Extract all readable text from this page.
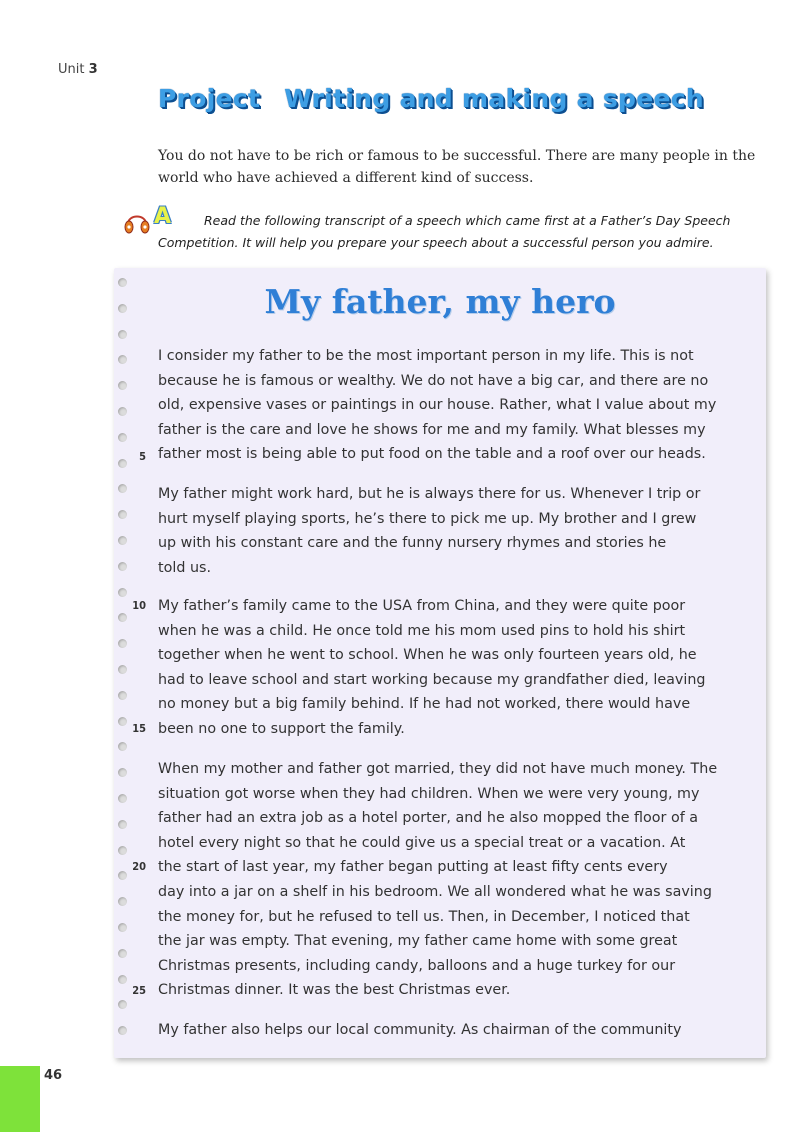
Unit 3
Project Writing and making a speech
You do not have to be rich or famous to be successful. There are many people in the
world who have achieved a different kind of success.
A	Read the following transcript of a speech which came first at a Father’s Day Speech Competition. It will help you prepare your speech about a successful person you admire.
My father, my hero
I consider my father to be the most important person in my life. This is not
because he is famous or wealthy. We do not have a big car, and there are no
old, expensive vases or paintings in our house. Rather, what I value about my
father is the care and love he shows for me and my family. What blesses my
father most is being able to put food on the table and a roof over our heads.
My father might work hard, but he is always there for us. Whenever I trip or
hurt myself playing sports, he’s there to pick me up. My brother and I grew
up with his constant care and the funny nursery rhymes and stories he
told us.
My father’s family came to the USA from China, and they were quite poor
when he was a child. He once told me his mom used pins to hold his shirt
together when he went to school. When he was only fourteen years old, he
had to leave school and start working because my grandfather died, leaving
no money but a big family behind. If he had not worked, there would have
been no one to support the family.
When my mother and father got married, they did not have much money. The
situation got worse when they had children. When we were very young, my
father had an extra job as a hotel porter, and he also mopped the floor of a
hotel every night so that he could give us a special treat or a vacation. At
the start of last year, my father began putting at least fifty cents every
day into a jar on a shelf in his bedroom. We all wondered what he was saving
the money for, but he refused to tell us. Then, in December, I noticed that
the jar was empty. That evening, my father came home with some great
Christmas presents, including candy, balloons and a huge turkey for our
Christmas dinner. It was the best Christmas ever.
My father also helps our local community. As chairman of the community
5
10
15
20
25
46
